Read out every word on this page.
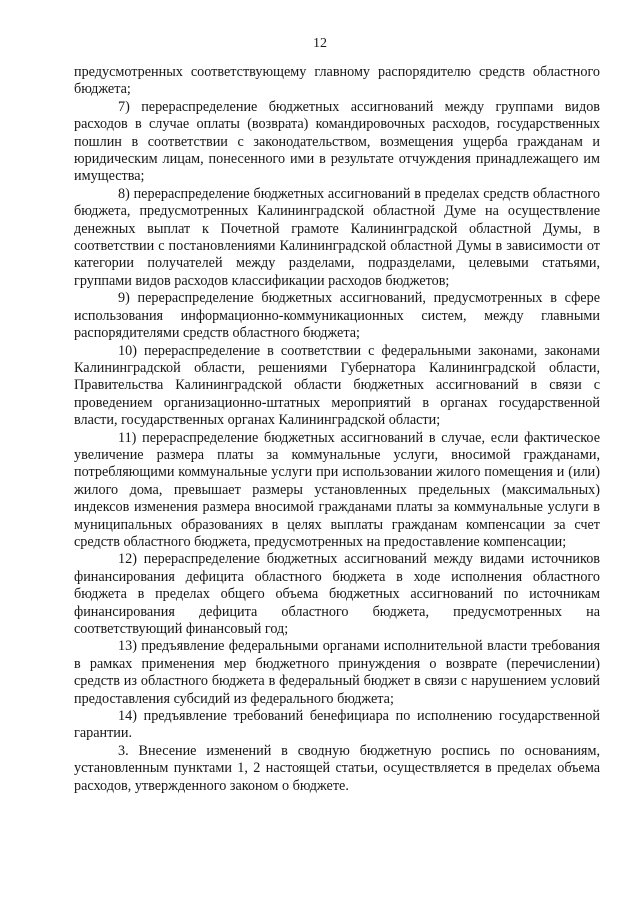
12

предусмотренных соответствующему главному распорядителю средств областного бюджета;

7) перераспределение бюджетных ассигнований между группами видов расходов в случае оплаты (возврата) командировочных расходов, государственных пошлин в соответствии с законодательством, возмещения ущерба гражданам и юридическим лицам, понесенного ими в результате отчуждения принадлежащего им имущества;

8) перераспределение бюджетных ассигнований в пределах средств областного бюджета, предусмотренных Калининградской областной Думе на осуществление денежных выплат к Почетной грамоте Калининградской областной Думы, в соответствии с постановлениями Калининградской областной Думы в зависимости от категории получателей между разделами, подразделами, целевыми статьями, группами видов расходов классификации расходов бюджетов;

9) перераспределение бюджетных ассигнований, предусмотренных в сфере использования информационно-коммуникационных систем, между главными распорядителями средств областного бюджета;

10) перераспределение в соответствии с федеральными законами, законами Калининградской области, решениями Губернатора Калининградской области, Правительства Калининградской области бюджетных ассигнований в связи с проведением организационно-штатных мероприятий в органах государственной власти, государственных органах Калининградской области;

11) перераспределение бюджетных ассигнований в случае, если фактическое увеличение размера платы за коммунальные услуги, вносимой гражданами, потребляющими коммунальные услуги при использовании жилого помещения и (или) жилого дома, превышает размеры установленных предельных (максимальных) индексов изменения размера вносимой гражданами платы за коммунальные услуги в муниципальных образованиях в целях выплаты гражданам компенсации за счет средств областного бюджета, предусмотренных на предоставление компенсации;

12) перераспределение бюджетных ассигнований между видами источников финансирования дефицита областного бюджета в ходе исполнения областного бюджета в пределах общего объема бюджетных ассигнований по источникам финансирования дефицита областного бюджета, предусмотренных на соответствующий финансовый год;

13) предъявление федеральными органами исполнительной власти требования в рамках применения мер бюджетного принуждения о возврате (перечислении) средств из областного бюджета в федеральный бюджет в связи с нарушением условий предоставления субсидий из федерального бюджета;

14) предъявление требований бенефициара по исполнению государственной гарантии.

3. Внесение изменений в сводную бюджетную роспись по основаниям, установленным пунктами 1, 2 настоящей статьи, осуществляется в пределах объема расходов, утвержденного законом о бюджете.
